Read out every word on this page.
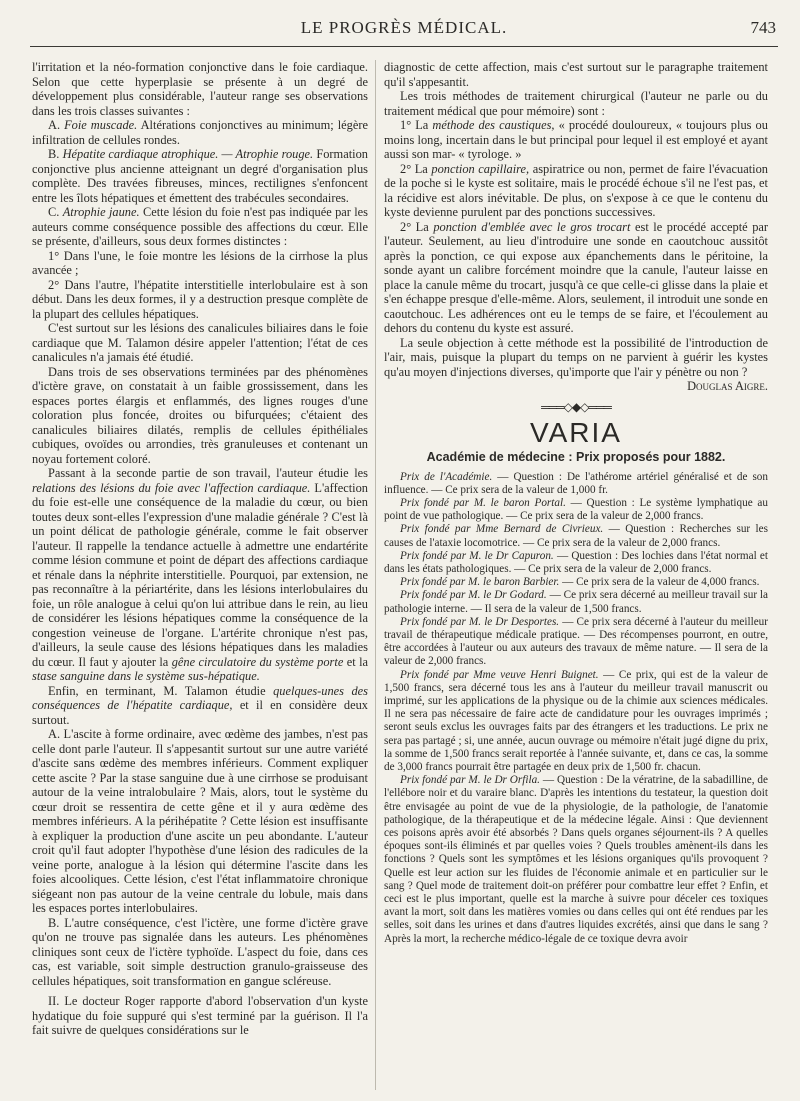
LE PROGRÈS MÉDICAL.	743

l'irritation et la néo-formation conjonctive dans le foie cardiaque. Selon que cette hyperplasie se présente à un degré de développement plus considérable, l'auteur range ses observations dans les trois classes suivantes :

A. Foie muscade. Altérations conjonctives au minimum; légère infiltration de cellules rondes.

B. Hépatite cardiaque atrophique. — Atrophie rouge. Formation conjonctive plus ancienne atteignant un degré d'organisation plus complète. Des travées fibreuses, minces, rectilignes s'enfoncent entre les îlots hépatiques et émettent des trabécules secondaires.

C. Atrophie jaune. Cette lésion du foie n'est pas indiquée par les auteurs comme conséquence possible des affections du cœur. Elle se présente, d'ailleurs, sous deux formes distinctes :

1° Dans l'une, le foie montre les lésions de la cirrhose la plus avancée ;

2° Dans l'autre, l'hépatite interstitielle interlobulaire est à son début. Dans les deux formes, il y a destruction presque complète de la plupart des cellules hépatiques.

C'est surtout sur les lésions des canalicules biliaires dans le foie cardiaque que M. Talamon désire appeler l'attention; l'état de ces canalicules n'a jamais été étudié.

Dans trois de ses observations terminées par des phénomènes d'ictère grave, on constatait à un faible grossissement, dans les espaces portes élargis et enflammés, des lignes rouges d'une coloration plus foncée, droites ou bifurquées; c'étaient des canalicules biliaires dilatés, remplis de cellules épithéliales cubiques, ovoïdes ou arrondies, très granuleuses et contenant un noyau fortement coloré.

Passant à la seconde partie de son travail, l'auteur étudie les relations des lésions du foie avec l'affection cardiaque. L'affection du foie est-elle une conséquence de la maladie du cœur, ou bien toutes deux sont-elles l'expression d'une maladie générale ? C'est là un point délicat de pathologie générale, comme le fait observer l'auteur. Il rappelle la tendance actuelle à admettre une endartérite comme lésion commune et point de départ des affections cardiaque et rénale dans la néphrite interstitielle. Pourquoi, par extension, ne pas reconnaître à la périartérite, dans les lésions interlobulaires du foie, un rôle analogue à celui qu'on lui attribue dans le rein, au lieu de considérer les lésions hépatiques comme la conséquence de la congestion veineuse de l'organe. L'artérite chronique n'est pas, d'ailleurs, la seule cause des lésions hépatiques dans les maladies du cœur. Il faut y ajouter la gêne circulatoire du système porte et la stase sanguine dans le système sus-hépatique.

Enfin, en terminant, M. Talamon étudie quelques-unes des conséquences de l'hépatite cardiaque, et il en considère deux surtout.

A. L'ascite à forme ordinaire, avec œdème des jambes, n'est pas celle dont parle l'auteur. Il s'appesantit surtout sur une autre variété d'ascite sans œdème des membres inférieurs. Comment expliquer cette ascite ? Par la stase sanguine due à une cirrhose se produisant autour de la veine intralobulaire ? Mais, alors, tout le système du cœur droit se ressentira de cette gêne et il y aura œdème des membres inférieurs. A la périhépatite ? Cette lésion est insuffisante à expliquer la production d'une ascite un peu abondante. L'auteur croit qu'il faut adopter l'hypothèse d'une lésion des radicules de la veine porte, analogue à la lésion qui détermine l'ascite dans les foies alcooliques. Cette lésion, c'est l'état inflammatoire chronique siégeant non pas autour de la veine centrale du lobule, mais dans les espaces portes interlobulaires.

B. L'autre conséquence, c'est l'ictère, une forme d'ictère grave qu'on ne trouve pas signalée dans les auteurs. Les phénomènes cliniques sont ceux de l'ictère typhoïde. L'aspect du foie, dans ces cas, est variable, soit simple destruction granulo-graisseuse des cellules hépatiques, soit transformation en gangue scléreuse.

II. Le docteur Roger rapporte d'abord l'observation d'un kyste hydatique du foie suppuré qui s'est terminé par la guérison. Il l'a fait suivre de quelques considérations sur le

diagnostic de cette affection, mais c'est surtout sur le paragraphe traitement qu'il s'appesantit.

Les trois méthodes de traitement chirurgical (l'auteur ne parle ou du traitement médical que pour mémoire) sont :

1° La méthode des caustiques, « procédé douloureux, « toujours plus ou moins long, incertain dans le but principal pour lequel il est employé et ayant aussi son mar- « tyrologe. »

2° La ponction capillaire, aspiratrice ou non, permet de faire l'évacuation de la poche si le kyste est solitaire, mais le procédé échoue s'il ne l'est pas, et la récidive est alors inévitable. De plus, on s'expose à ce que le contenu du kyste devienne purulent par des ponctions successives.

2° La ponction d'emblée avec le gros trocart est le procédé accepté par l'auteur. Seulement, au lieu d'introduire une sonde en caoutchouc aussitôt après la ponction, ce qui expose aux épanchements dans le péritoine, la sonde ayant un calibre forcément moindre que la canule, l'auteur laisse en place la canule même du trocart, jusqu'à ce que celle-ci glisse dans la plaie et s'en échappe presque d'elle-même. Alors, seulement, il introduit une sonde en caoutchouc. Les adhérences ont eu le temps de se faire, et l'écoulement au dehors du contenu du kyste est assuré.

La seule objection à cette méthode est la possibilité de l'introduction de l'air, mais, puisque la plupart du temps on ne parvient à guérir les kystes qu'au moyen d'injections diverses, qu'importe que l'air y pénètre ou non ?

Douglas Aigre.

═══◇◆◇═══
VARIA
Académie de médecine : Prix proposés pour 1882.

Prix de l'Académie. — Question : De l'athérome artériel généralisé et de son influence. — Ce prix sera de la valeur de 1,000 fr.

Prix fondé par M. le baron Portal. — Question : Le système lymphatique au point de vue pathologique. — Ce prix sera de la valeur de 2,000 francs.

Prix fondé par Mme Bernard de Civrieux. — Question : Recherches sur les causes de l'ataxie locomotrice. — Ce prix sera de la valeur de 2,000 francs.

Prix fondé par M. le Dr Capuron. — Question : Des lochies dans l'état normal et dans les états pathologiques. — Ce prix sera de la valeur de 2,000 francs.

Prix fondé par M. le baron Barbier. — Ce prix sera de la valeur de 4,000 francs.

Prix fondé par M. le Dr Godard. — Ce prix sera décerné au meilleur travail sur la pathologie interne. — Il sera de la valeur de 1,500 francs.

Prix fondé par M. le Dr Desportes. — Ce prix sera décerné à l'auteur du meilleur travail de thérapeutique médicale pratique. — Des récompenses pourront, en outre, être accordées à l'auteur ou aux auteurs des travaux de même nature. — Il sera de la valeur de 2,000 francs.

Prix fondé par Mme veuve Henri Buignet. — Ce prix, qui est de la valeur de 1,500 francs, sera décerné tous les ans à l'auteur du meilleur travail manuscrit ou imprimé, sur les applications de la physique ou de la chimie aux sciences médicales. Il ne sera pas nécessaire de faire acte de candidature pour les ouvrages imprimés ; seront seuls exclus les ouvrages faits par des étrangers et les traductions. Le prix ne sera pas partagé ; si, une année, aucun ouvrage ou mémoire n'était jugé digne du prix, la somme de 1,500 francs serait reportée à l'année suivante, et, dans ce cas, la somme de 3,000 francs pourrait être partagée en deux prix de 1,500 fr. chacun.

Prix fondé par M. le Dr Orfila. — Question : De la vératrine, de la sabadilline, de l'ellébore noir et du varaire blanc. D'après les intentions du testateur, la question doit être envisagée au point de vue de la physiologie, de la pathologie, de l'anatomie pathologique, de la thérapeutique et de la médecine légale. Ainsi : Que deviennent ces poisons après avoir été absorbés ? Dans quels organes séjournent-ils ? A quelles époques sont-ils éliminés et par quelles voies ? Quels troubles amènent-ils dans les fonctions ? Quels sont les symptômes et les lésions organiques qu'ils provoquent ? Quelle est leur action sur les fluides de l'économie animale et en particulier sur le sang ? Quel mode de traitement doit-on préférer pour combattre leur effet ? Enfin, et ceci est le plus important, quelle est la marche à suivre pour déceler ces toxiques avant la mort, soit dans les matières vomies ou dans celles qui ont été rendues par les selles, soit dans les urines et dans d'autres liquides excrétés, ainsi que dans le sang ? Après la mort, la recherche médico-légale de ce toxique devra avoir
